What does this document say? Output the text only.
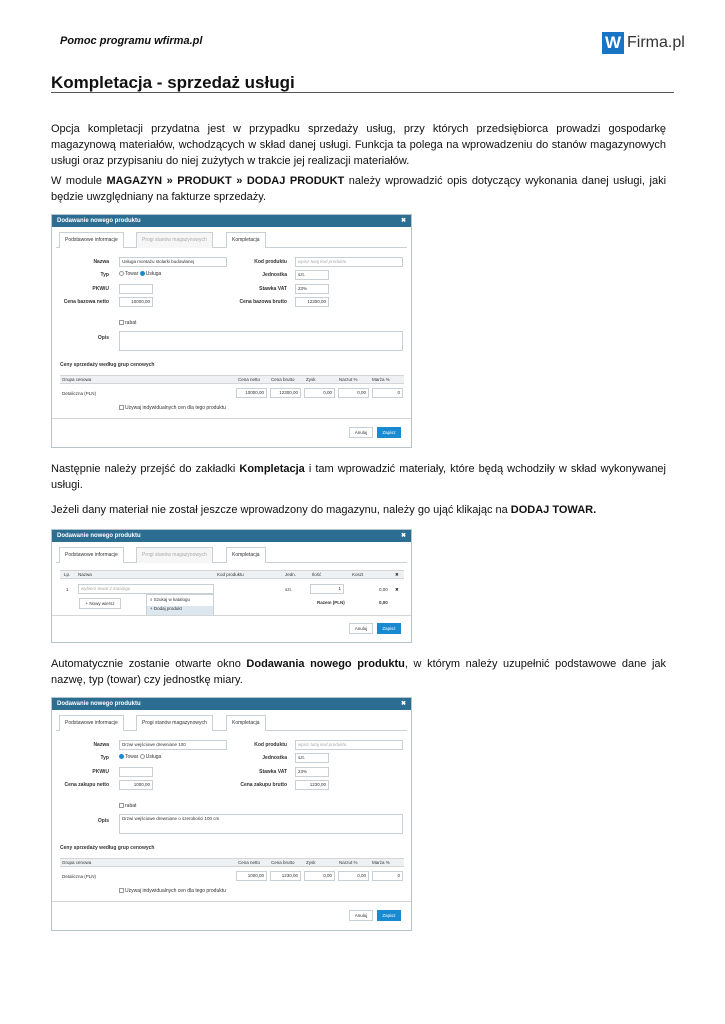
Pomoc programu wfirma.pl	W Firma.pl
Kompletacja - sprzedaż usługi
Opcja kompletacji przydatna jest w przypadku sprzedaży usług, przy których przedsiębiorca prowadzi gospodarkę magazynową materiałów, wchodzących w skład danej usługi. Funkcja ta polega na wprowadzeniu do stanów magazynowych usługi oraz przypisaniu do niej zużytych w trakcie jej realizacji materiałów.
W module MAGAZYN » PRODUKT » DODAJ PRODUKT należy wprowadzić opis dotyczący wykonania danej usługi, jaki będzie uwzględniany na fakturze sprzedaży.
Dodawanie nowego produktu	✖
Podstawowe informacje	Progi stanów magazynowych	Kompletacja
Nazwa	Usługa montażu stolarki budowlanej
Typ	Towar Usługa
PKWiU
Cena bazowa netto	10000,00
Kod produktu	wpisz tutaj kod produktu
Jednostka	szt.
Stawka VAT	23%
Cena bazowa brutto	12300,00
rabat
Opis
Ceny sprzedaży według grup cenowych
Grupa cenowa	Cena netto Cena brutto	Zysk	Narzut %	Marża %
Detaliczna (PLN)	10000,00	12300,00	0,00	0,00	0
Używaj indywidualnych cen dla tego produktu
Anuluj	Zapisz
Następnie należy przejść do zakładki Kompletacja i tam wprowadzić materiały, które będą wchodziły w skład wykonywanej usługi.
Jeżeli dany materiał nie został jeszcze wprowadzony do magazynu, należy go ująć klikając na DODAJ TOWAR.
Dodawanie nowego produktu	✖
Podstawowe informacje	Progi stanów magazynowych	Kompletacja
Lp. Nazwa	Kod produktu	Jedn.	Ilość	Koszt	✖
1	wybierz towar z katalogu	szt.	1	0,00 ✖
+ Nowy wiersz
⌕ Szukaj w katalogu
+ Dodaj produkt
Razem (PLN)	0,00
Anuluj	Zapisz
Automatycznie zostanie otwarte okno Dodawania nowego produktu, w którym należy uzupełnić podstawowe dane jak nazwę, typ (towar) czy jednostkę miary.
Dodawanie nowego produktu	✖
Podstawowe informacje	Progi stanów magazynowych	Kompletacja
Nazwa	Drzwi wejściowe drewniane 100
Typ	Towar Usługa
PKWiU
Cena zakupu netto	1000,00
Kod produktu	wpisz tutaj kod produktu
Jednostka	szt.
Stawka VAT	23%
Cena zakupu brutto	1230,00
rabat
Opis	Drzwi wejściowe drewniane o szerokości 100 cm
Ceny sprzedaży według grup cenowych
Grupa cenowa	Cena netto Cena brutto	Zysk	Narzut %	Marża %
Detaliczna (PLN)	1000,00	1230,00	0,00	0,00	0
Używaj indywidualnych cen dla tego produktu
Anuluj	Zapisz
